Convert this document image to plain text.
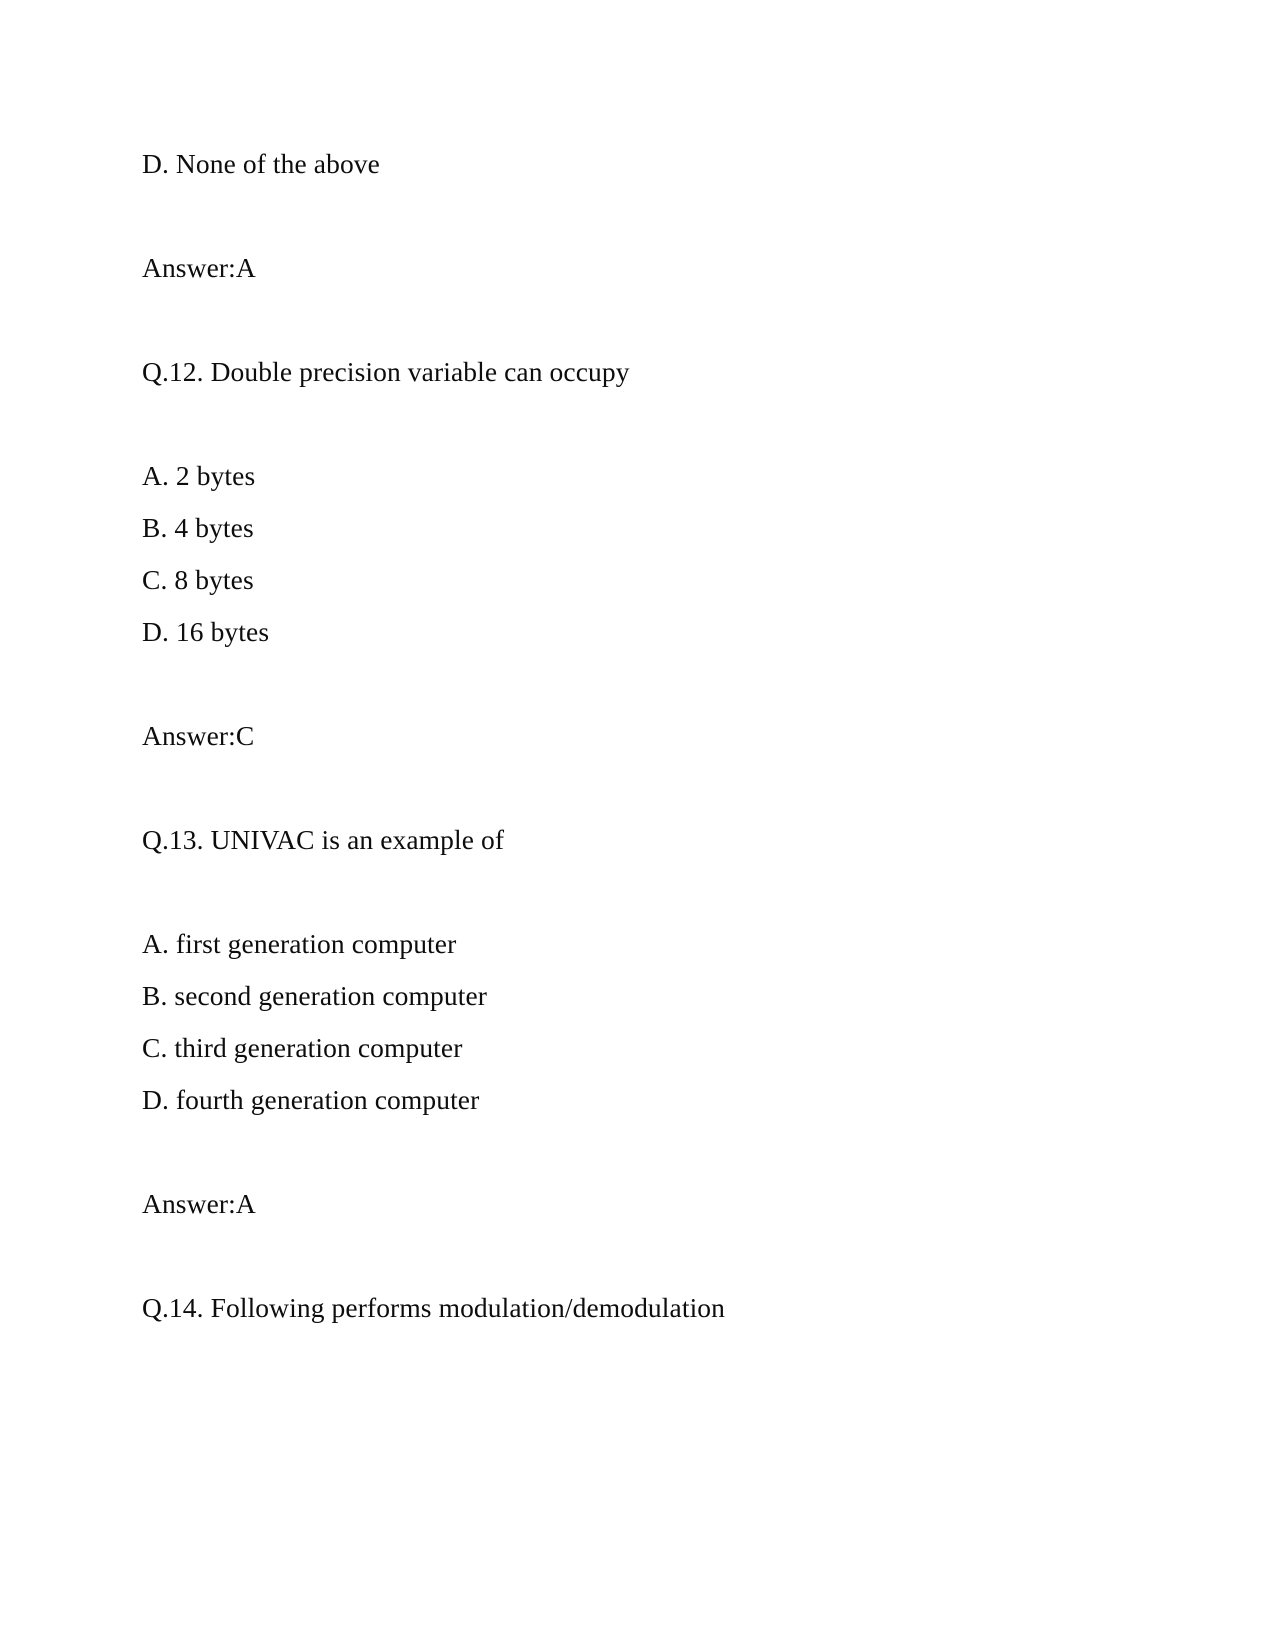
D. None of the above
Answer:A
Q.12. Double precision variable can occupy
A. 2 bytes
B. 4 bytes
C. 8 bytes
D. 16 bytes
Answer:C
Q.13. UNIVAC is an example of
A. first generation computer
B. second generation computer
C. third generation computer
D. fourth generation computer
Answer:A
Q.14. Following performs modulation/demodulation
